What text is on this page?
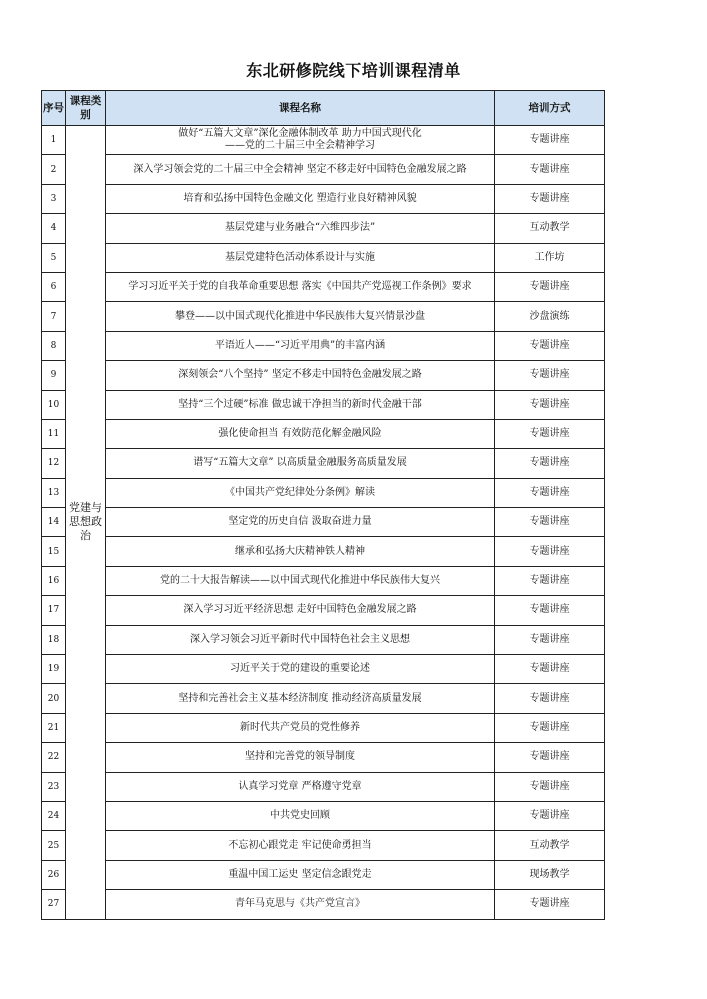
东北研修院线下培训课程清单
序号	课程类别	课程名称	培训方式
1	党建与思想政治	做好“五篇大文章”深化金融体制改革 助力中国式现代化
——党的二十届三中全会精神学习	专题讲座
2		深入学习领会党的二十届三中全会精神 坚定不移走好中国特色金融发展之路	专题讲座
3		培育和弘扬中国特色金融文化 塑造行业良好精神风貌	专题讲座
4		基层党建与业务融合“六维四步法”	互动教学
5		基层党建特色活动体系设计与实施	工作坊
6		学习习近平关于党的自我革命重要思想 落实《中国共产党巡视工作条例》要求	专题讲座
7		攀登——以中国式现代化推进中华民族伟大复兴情景沙盘	沙盘演练
8		平语近人——“习近平用典”的丰富内涵	专题讲座
9		深刻领会“八个坚持” 坚定不移走中国特色金融发展之路	专题讲座
10		坚持“三个过硬”标准 做忠诚干净担当的新时代金融干部	专题讲座
11		强化使命担当 有效防范化解金融风险	专题讲座
12		谱写“五篇大文章” 以高质量金融服务高质量发展	专题讲座
13		《中国共产党纪律处分条例》解读	专题讲座
14		坚定党的历史自信 汲取奋进力量	专题讲座
15		继承和弘扬大庆精神铁人精神	专题讲座
16		党的二十大报告解读——以中国式现代化推进中华民族伟大复兴	专题讲座
17		深入学习习近平经济思想 走好中国特色金融发展之路	专题讲座
18		深入学习领会习近平新时代中国特色社会主义思想	专题讲座
19		习近平关于党的建设的重要论述	专题讲座
20		坚持和完善社会主义基本经济制度 推动经济高质量发展	专题讲座
21		新时代共产党员的党性修养	专题讲座
22		坚持和完善党的领导制度	专题讲座
23		认真学习党章 严格遵守党章	专题讲座
24		中共党史回顾	专题讲座
25		不忘初心跟党走 牢记使命勇担当	互动教学
26		重温中国工运史 坚定信念跟党走	现场教学
27		青年马克思与《共产党宣言》	专题讲座
